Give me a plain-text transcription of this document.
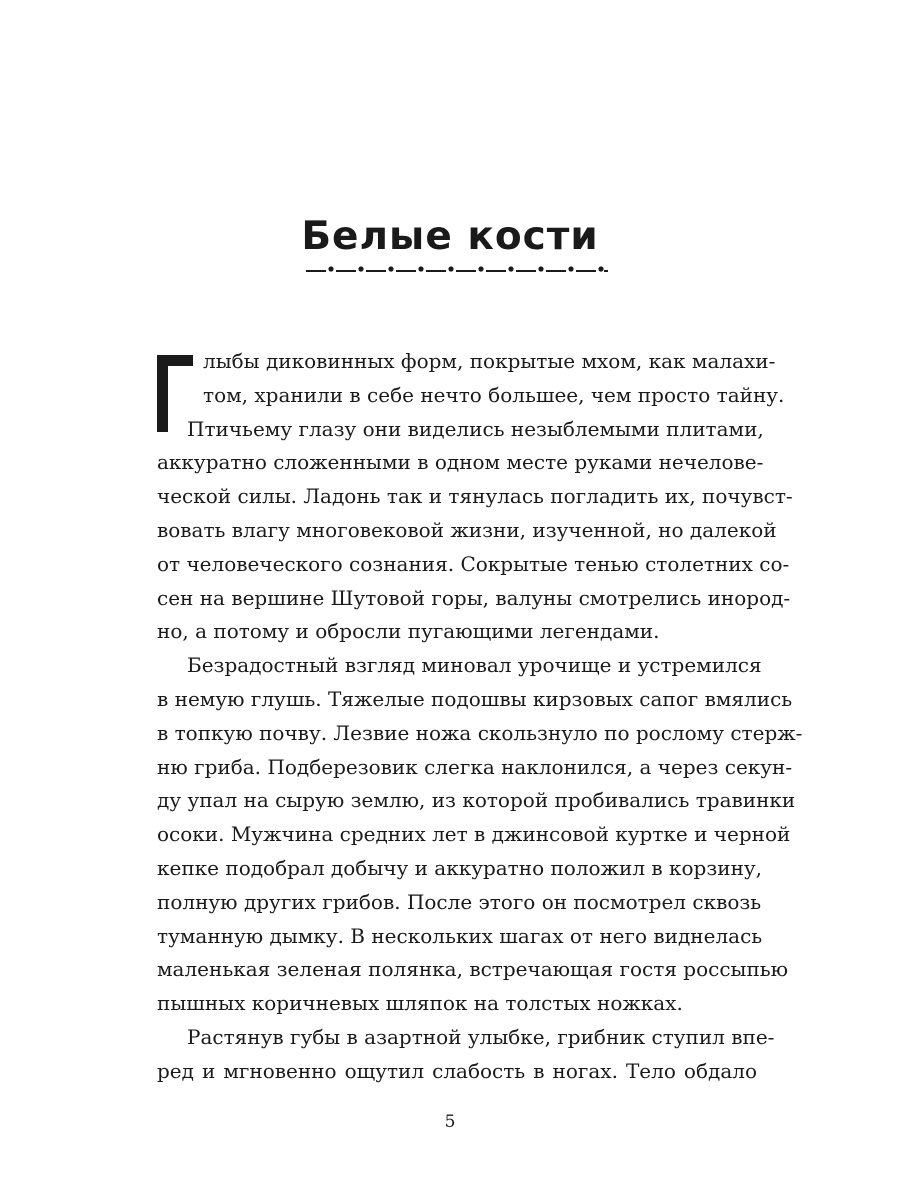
Белые кости
лыбы диковинных форм, покрытые мхом, как малахи-
том, хранили в себе нечто большее, чем просто тайну.
Птичьему глазу они виделись незыблемыми плитами,
аккуратно сложенными в одном месте руками нечелове-
ческой силы. Ладонь так и тянулась погладить их, почувст-
вовать влагу многовековой жизни, изученной, но далекой
от человеческого сознания. Сокрытые тенью столетних со-
сен на вершине Шутовой горы, валуны смотрелись инород-
но, а потому и обросли пугающими легендами.
Безрадостный взгляд миновал урочище и устремился
в немую глушь. Тяжелые подошвы кирзовых сапог вмялись
в топкую почву. Лезвие ножа скользнуло по рослому стерж-
ню гриба. Подберезовик слегка наклонился, а через секун-
ду упал на сырую землю, из которой пробивались травинки
осоки. Мужчина средних лет в джинсовой куртке и черной
кепке подобрал добычу и аккуратно положил в корзину,
полную других грибов. После этого он посмотрел сквозь
туманную дымку. В нескольких шагах от него виднелась
маленькая зеленая полянка, встречающая гостя россыпью
пышных коричневых шляпок на толстых ножках.
Растянув губы в азартной улыбке, грибник ступил впе-
ред и мгновенно ощутил слабость в ногах. Тело обдало
5
